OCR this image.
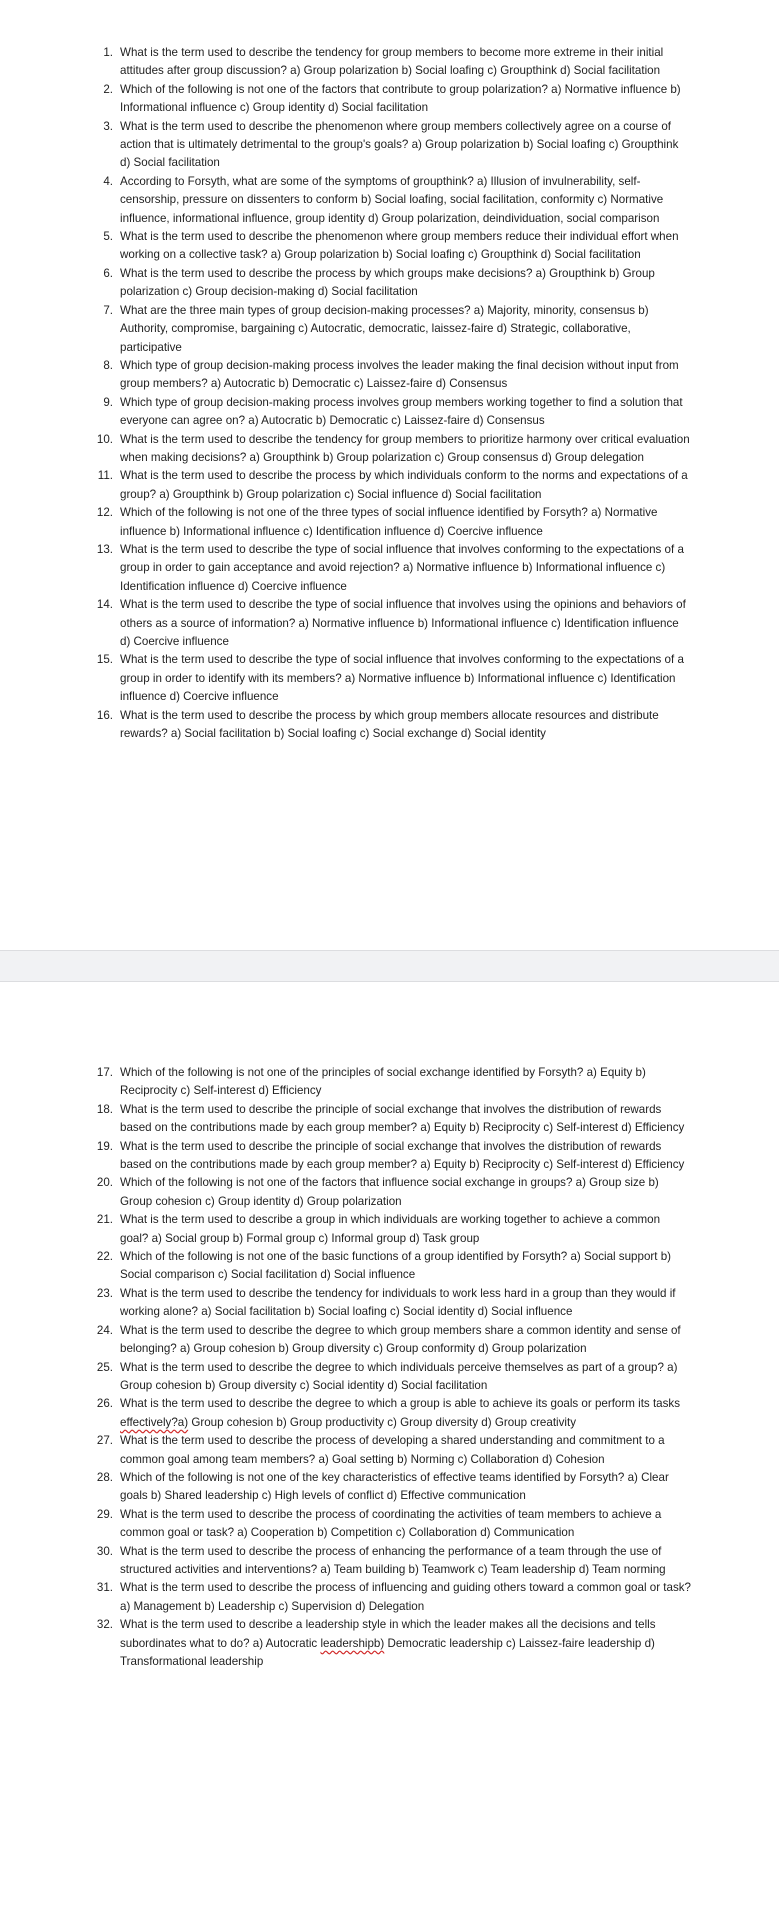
1. What is the term used to describe the tendency for group members to become more extreme in their initial attitudes after group discussion? a) Group polarization b) Social loafing c) Groupthink d) Social facilitation
2. Which of the following is not one of the factors that contribute to group polarization? a) Normative influence b) Informational influence c) Group identity d) Social facilitation
3. What is the term used to describe the phenomenon where group members collectively agree on a course of action that is ultimately detrimental to the group's goals? a) Group polarization b) Social loafing c) Groupthink d) Social facilitation
4. According to Forsyth, what are some of the symptoms of groupthink? a) Illusion of invulnerability, self-censorship, pressure on dissenters to conform b) Social loafing, social facilitation, conformity c) Normative influence, informational influence, group identity d) Group polarization, deindividuation, social comparison
5. What is the term used to describe the phenomenon where group members reduce their individual effort when working on a collective task? a) Group polarization b) Social loafing c) Groupthink d) Social facilitation
6. What is the term used to describe the process by which groups make decisions? a) Groupthink b) Group polarization c) Group decision-making d) Social facilitation
7. What are the three main types of group decision-making processes? a) Majority, minority, consensus b) Authority, compromise, bargaining c) Autocratic, democratic, laissez-faire d) Strategic, collaborative, participative
8. Which type of group decision-making process involves the leader making the final decision without input from group members? a) Autocratic b) Democratic c) Laissez-faire d) Consensus
9. Which type of group decision-making process involves group members working together to find a solution that everyone can agree on? a) Autocratic b) Democratic c) Laissez-faire d) Consensus
10. What is the term used to describe the tendency for group members to prioritize harmony over critical evaluation when making decisions? a) Groupthink b) Group polarization c) Group consensus d) Group delegation
11. What is the term used to describe the process by which individuals conform to the norms and expectations of a group? a) Groupthink b) Group polarization c) Social influence d) Social facilitation
12. Which of the following is not one of the three types of social influence identified by Forsyth? a) Normative influence b) Informational influence c) Identification influence d) Coercive influence
13. What is the term used to describe the type of social influence that involves conforming to the expectations of a group in order to gain acceptance and avoid rejection? a) Normative influence b) Informational influence c) Identification influence d) Coercive influence
14. What is the term used to describe the type of social influence that involves using the opinions and behaviors of others as a source of information? a) Normative influence b) Informational influence c) Identification influence d) Coercive influence
15. What is the term used to describe the type of social influence that involves conforming to the expectations of a group in order to identify with its members? a) Normative influence b) Informational influence c) Identification influence d) Coercive influence
16. What is the term used to describe the process by which group members allocate resources and distribute rewards? a) Social facilitation b) Social loafing c) Social exchange d) Social identity
17. Which of the following is not one of the principles of social exchange identified by Forsyth? a) Equity b) Reciprocity c) Self-interest d) Efficiency
18. What is the term used to describe the principle of social exchange that involves the distribution of rewards based on the contributions made by each group member? a) Equity b) Reciprocity c) Self-interest d) Efficiency
19. What is the term used to describe the principle of social exchange that involves the distribution of rewards based on the contributions made by each group member? a) Equity b) Reciprocity c) Self-interest d) Efficiency
20. Which of the following is not one of the factors that influence social exchange in groups? a) Group size b) Group cohesion c) Group identity d) Group polarization
21. What is the term used to describe a group in which individuals are working together to achieve a common goal? a) Social group b) Formal group c) Informal group d) Task group
22. Which of the following is not one of the basic functions of a group identified by Forsyth? a) Social support b) Social comparison c) Social facilitation d) Social influence
23. What is the term used to describe the tendency for individuals to work less hard in a group than they would if working alone? a) Social facilitation b) Social loafing c) Social identity d) Social influence
24. What is the term used to describe the degree to which group members share a common identity and sense of belonging? a) Group cohesion b) Group diversity c) Group conformity d) Group polarization
25. What is the term used to describe the degree to which individuals perceive themselves as part of a group? a) Group cohesion b) Group diversity c) Social identity d) Social facilitation
26. What is the term used to describe the degree to which a group is able to achieve its goals or perform its tasks effectively?a) Group cohesion b) Group productivity c) Group diversity d) Group creativity
27. What is the term used to describe the process of developing a shared understanding and commitment to a common goal among team members? a) Goal setting b) Norming c) Collaboration d) Cohesion
28. Which of the following is not one of the key characteristics of effective teams identified by Forsyth? a) Clear goals b) Shared leadership c) High levels of conflict d) Effective communication
29. What is the term used to describe the process of coordinating the activities of team members to achieve a common goal or task? a) Cooperation b) Competition c) Collaboration d) Communication
30. What is the term used to describe the process of enhancing the performance of a team through the use of structured activities and interventions? a) Team building b) Teamwork c) Team leadership d) Team norming
31. What is the term used to describe the process of influencing and guiding others toward a common goal or task? a) Management b) Leadership c) Supervision d) Delegation
32. What is the term used to describe a leadership style in which the leader makes all the decisions and tells subordinates what to do? a) Autocratic leadershipb) Democratic leadership c) Laissez-faire leadership d) Transformational leadership
